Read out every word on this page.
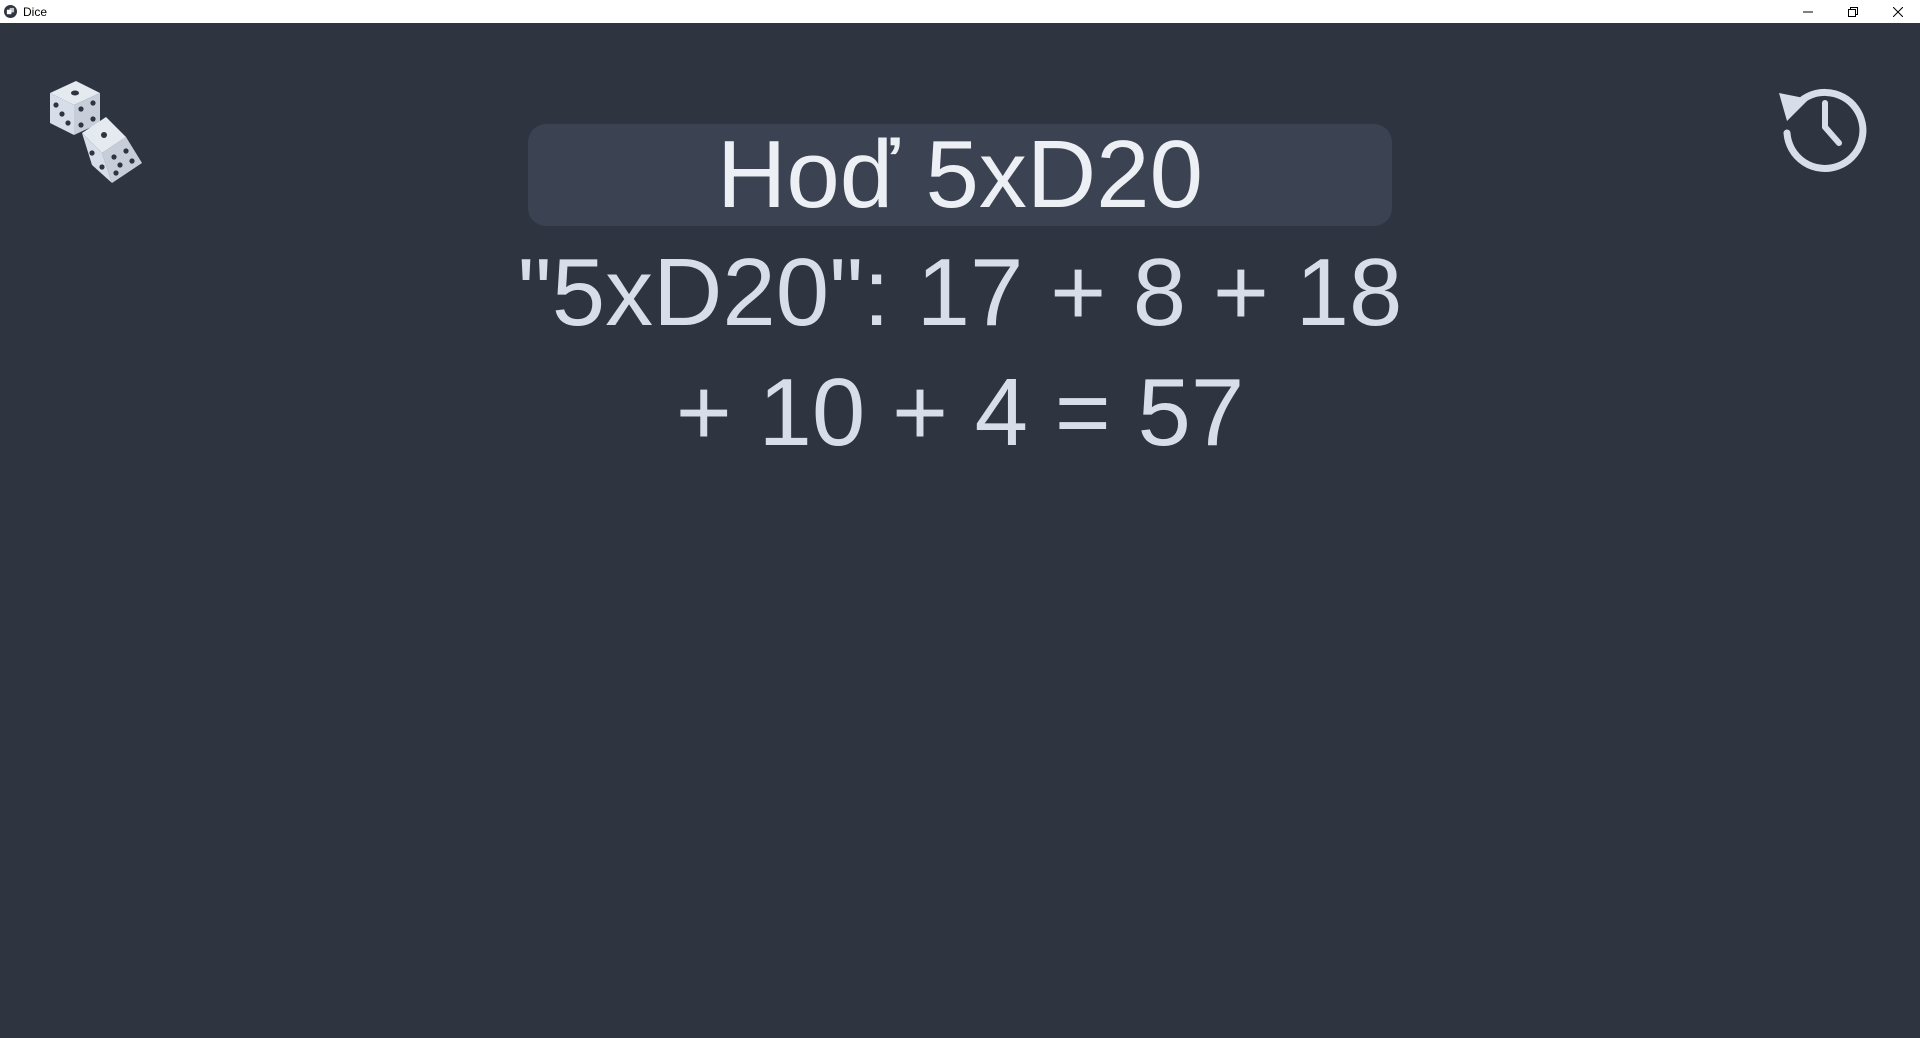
Dice
Hoď 5xD20
"5xD20": 17 + 8 + 18
+ 10 + 4 = 57
